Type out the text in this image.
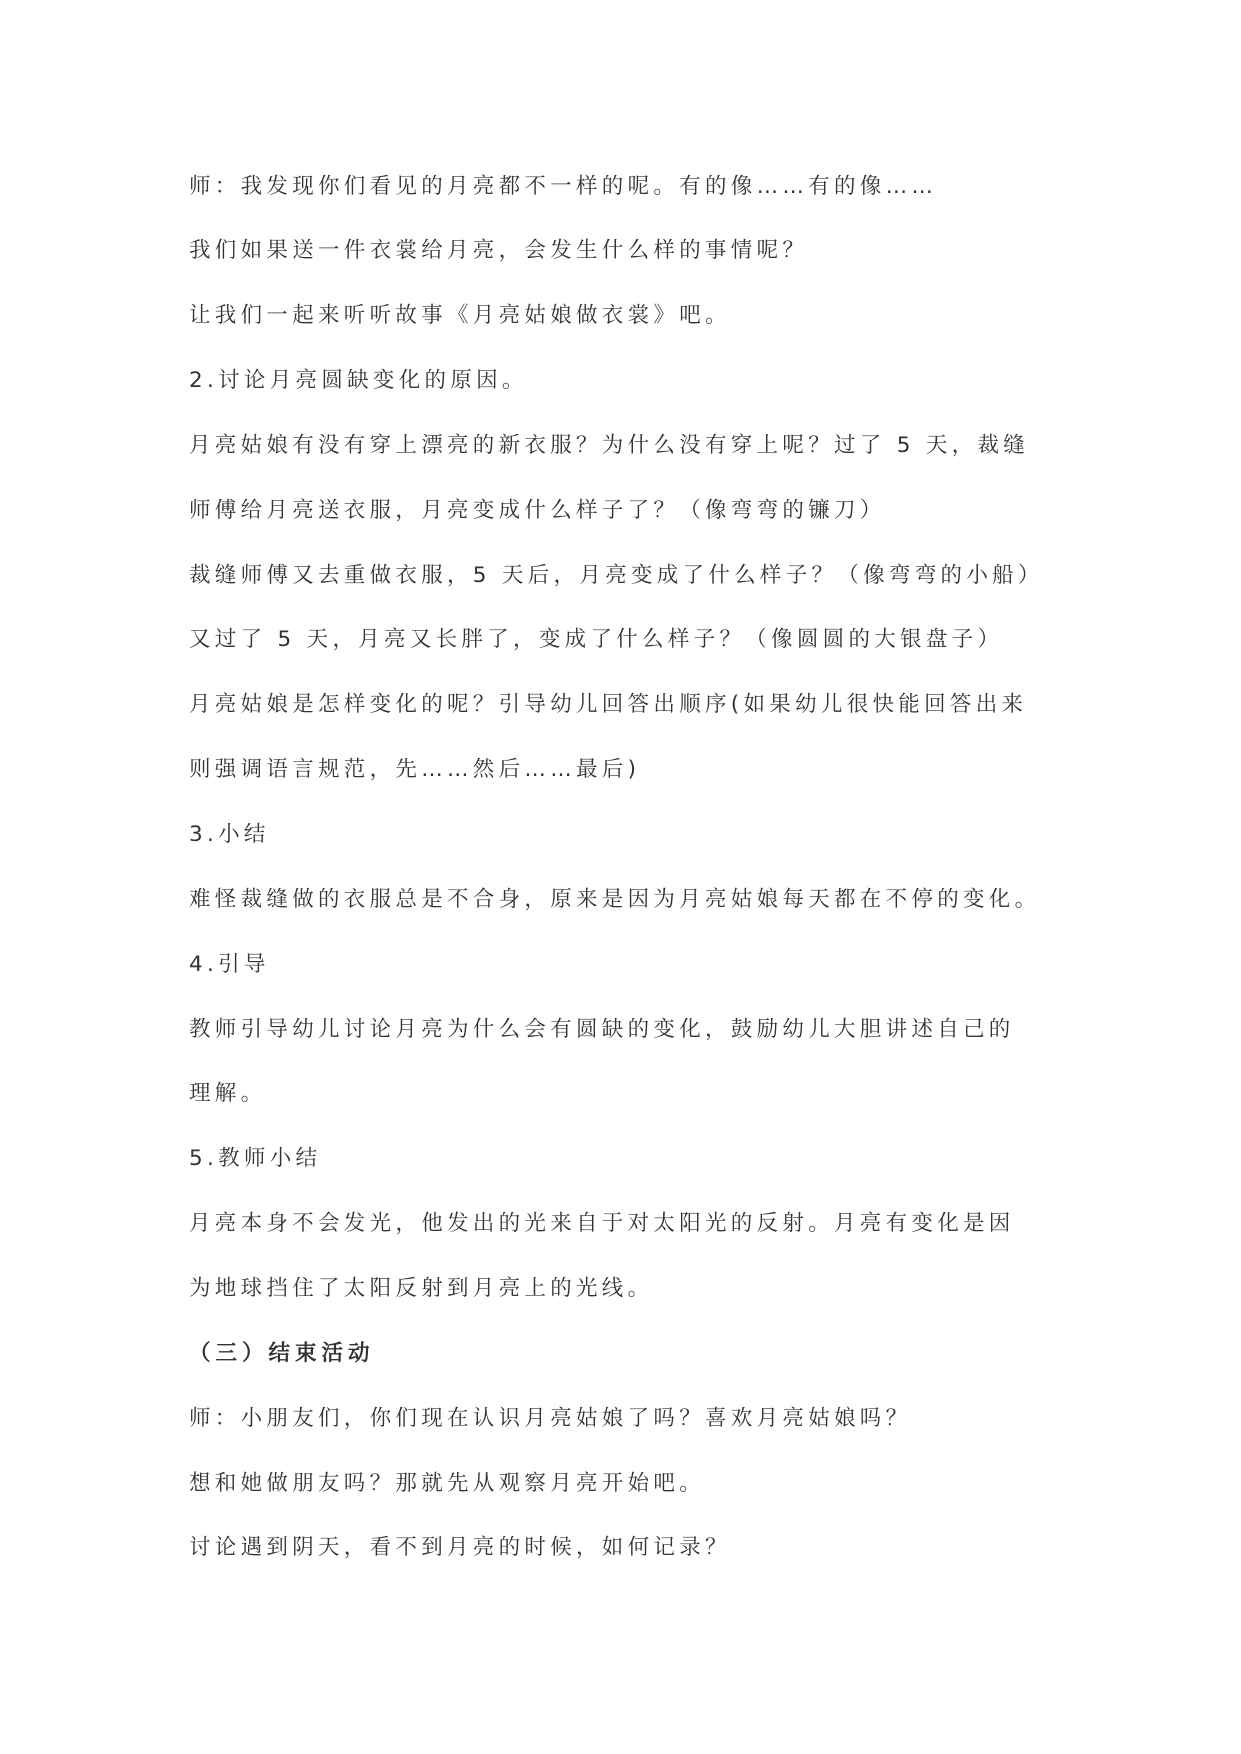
师：我发现你们看见的月亮都不一样的呢。有的像……有的像……
我们如果送一件衣裳给月亮，会发生什么样的事情呢？
让我们一起来听听故事《月亮姑娘做衣裳》吧。
2.讨论月亮圆缺变化的原因。
月亮姑娘有没有穿上漂亮的新衣服？为什么没有穿上呢？过了 5 天，裁缝
师傅给月亮送衣服，月亮变成什么样子了？（像弯弯的镰刀）
裁缝师傅又去重做衣服，5 天后，月亮变成了什么样子？（像弯弯的小船）
又过了 5 天，月亮又长胖了，变成了什么样子？（像圆圆的大银盘子）
月亮姑娘是怎样变化的呢？引导幼儿回答出顺序(如果幼儿很快能回答出来
则强调语言规范，先……然后……最后)
3.小结
难怪裁缝做的衣服总是不合身，原来是因为月亮姑娘每天都在不停的变化。
4.引导
教师引导幼儿讨论月亮为什么会有圆缺的变化，鼓励幼儿大胆讲述自己的
理解。
5.教师小结
月亮本身不会发光，他发出的光来自于对太阳光的反射。月亮有变化是因
为地球挡住了太阳反射到月亮上的光线。
（三）结束活动
师：小朋友们，你们现在认识月亮姑娘了吗？喜欢月亮姑娘吗？
想和她做朋友吗？那就先从观察月亮开始吧。
讨论遇到阴天，看不到月亮的时候，如何记录？
